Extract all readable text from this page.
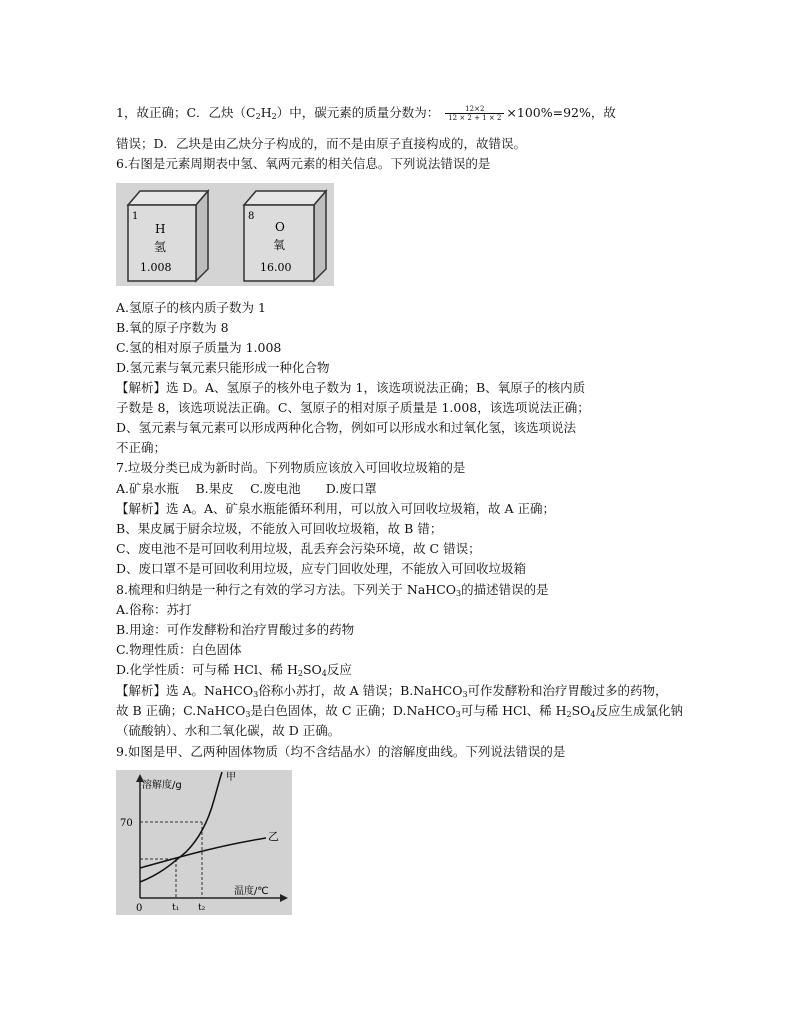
1，故正确；C．乙炔$(C_2H_2)$中，碳元素的质量分数为： $\frac{12\times 2}{12 \times 2 + 1 \times 2} \times 100\%=92\%$，故
错误；D．乙块是由乙炔分子构成的，而不是由原子直接构成的，故错误。
6.右图是元素周期表中氢、氧两元素的相关信息。下列说法错误的是
1
H
氢
1.008
8
O
氧
16.00
A.氢原子的核内质子数为 1
B.氧的原子序数为 8
C.氢的相对原子质量为 1.008
D.氢元素与氧元素只能形成一种化合物
【解析】选 D。A、氢原子的核外电子数为 1，该选项说法正确；B、氧原子的核内质
子数是 8，该选项说法正确。C、氢原子的相对原子质量是 1.008，该选项说法正确；
D、氢元素与氧元素可以形成两种化合物，例如可以形成水和过氧化氢，该选项说法
不正确；
7.垃圾分类已成为新时尚。下列物质应该放入可回收垃圾箱的是
A.矿泉水瓶　 B.果皮　 C.废电池　　D.废口罩
【解析】选 A。A、矿泉水瓶能循环利用，可以放入可回收垃圾箱，故 A 正确；
B、果皮属于厨余垃圾，不能放入可回收垃圾箱，故 B 错；
C、废电池不是可回收利用垃圾，乱丢弃会污染环境，故 C 错误；
D、废口罩不是可回收利用垃圾，应专门回收处理，不能放入可回收垃圾箱
8.梳理和归纳是一种行之有效的学习方法。下列关于 NaHCO$_3$的描述错误的是
A.俗称：苏打
B.用途：可作发酵粉和治疗胃酸过多的药物
C.物理性质：白色固体
D.化学性质：可与稀 HCl、稀 $H_2SO_4$反应
【解析】选 A。NaHCO$_3$俗称小苏打，故 A 错误；B.NaHCO$_3$可作发酵粉和治疗胃酸过多的药物，
故 B 正确；C.NaHCO$_3$是白色固体，故 C 正确；D.NaHCO$_3$可与稀 HCl、稀 $H_2SO_4$反应生成氯化钠
（硫酸钠）、水和二氧化碳，故 D 正确。
9.如图是甲、乙两种固体物质（均不含结晶水）的溶解度曲线。下列说法错误的是
溶解度/g
甲
乙
70
温度/℃
0	t₁ t₂
